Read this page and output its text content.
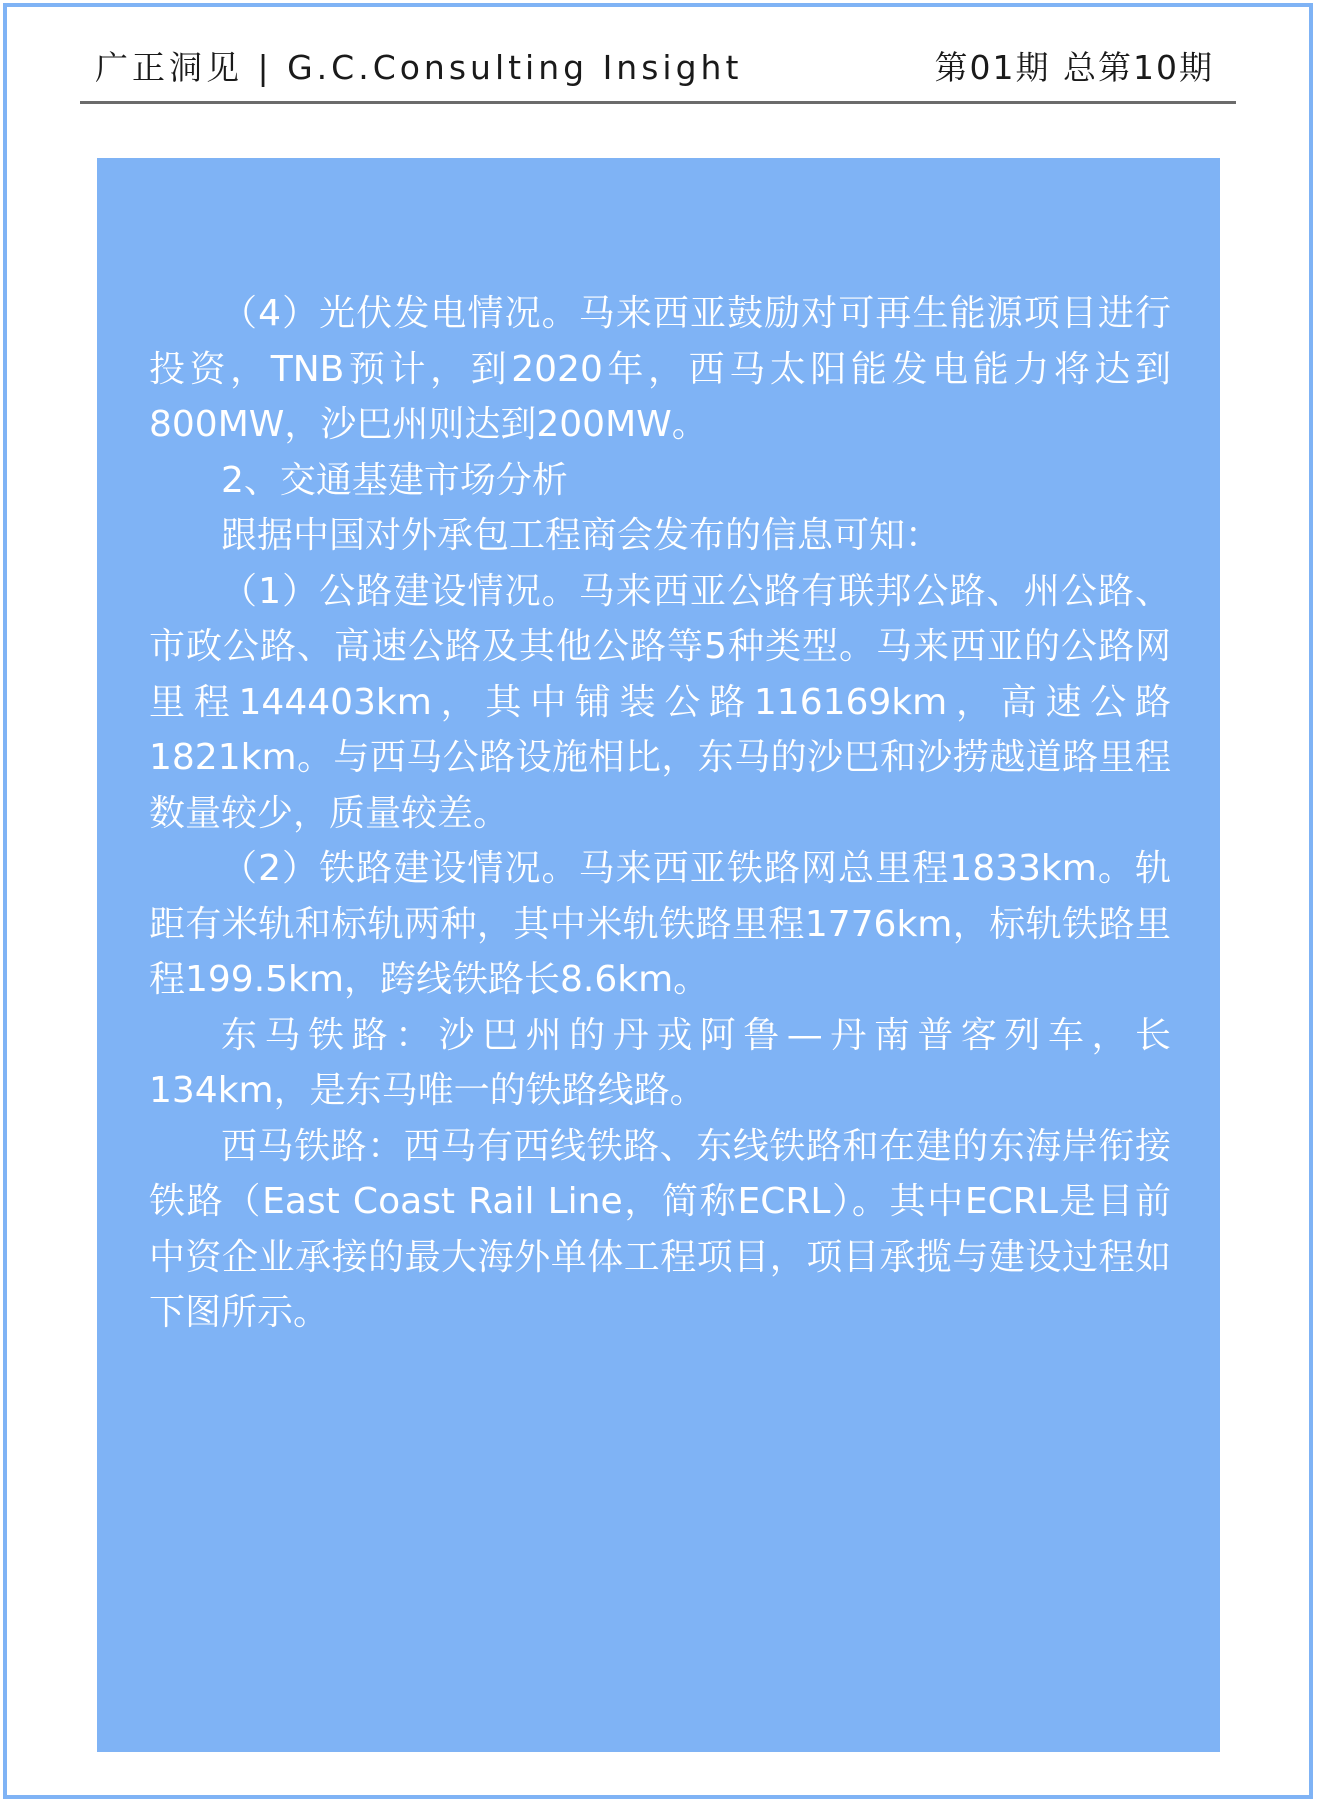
广正洞见 | G.C.Consulting Insight	第01期 总第10期

（4）光伏发电情况。马来西亚鼓励对可再生能源项目进行投资，TNB预计，到2020年，西马太阳能发电能力将达到800MW，沙巴州则达到200MW。

2、交通基建市场分析

跟据中国对外承包工程商会发布的信息可知：

（1）公路建设情况。马来西亚公路有联邦公路、州公路、市政公路、高速公路及其他公路等5种类型。马来西亚的公路网里程144403km，其中铺装公路116169km，高速公路1821km。与西马公路设施相比，东马的沙巴和沙捞越道路里程数量较少，质量较差。

（2）铁路建设情况。马来西亚铁路网总里程1833km。轨距有米轨和标轨两种，其中米轨铁路里程1776km，标轨铁路里程199.5km，跨线铁路长8.6km。

东马铁路：沙巴州的丹戎阿鲁—丹南普客列车，长134km，是东马唯一的铁路线路。

西马铁路：西马有西线铁路、东线铁路和在建的东海岸衔接铁路（East Coast Rail Line，简称ECRL）。其中ECRL是目前中资企业承接的最大海外单体工程项目，项目承揽与建设过程如下图所示。
